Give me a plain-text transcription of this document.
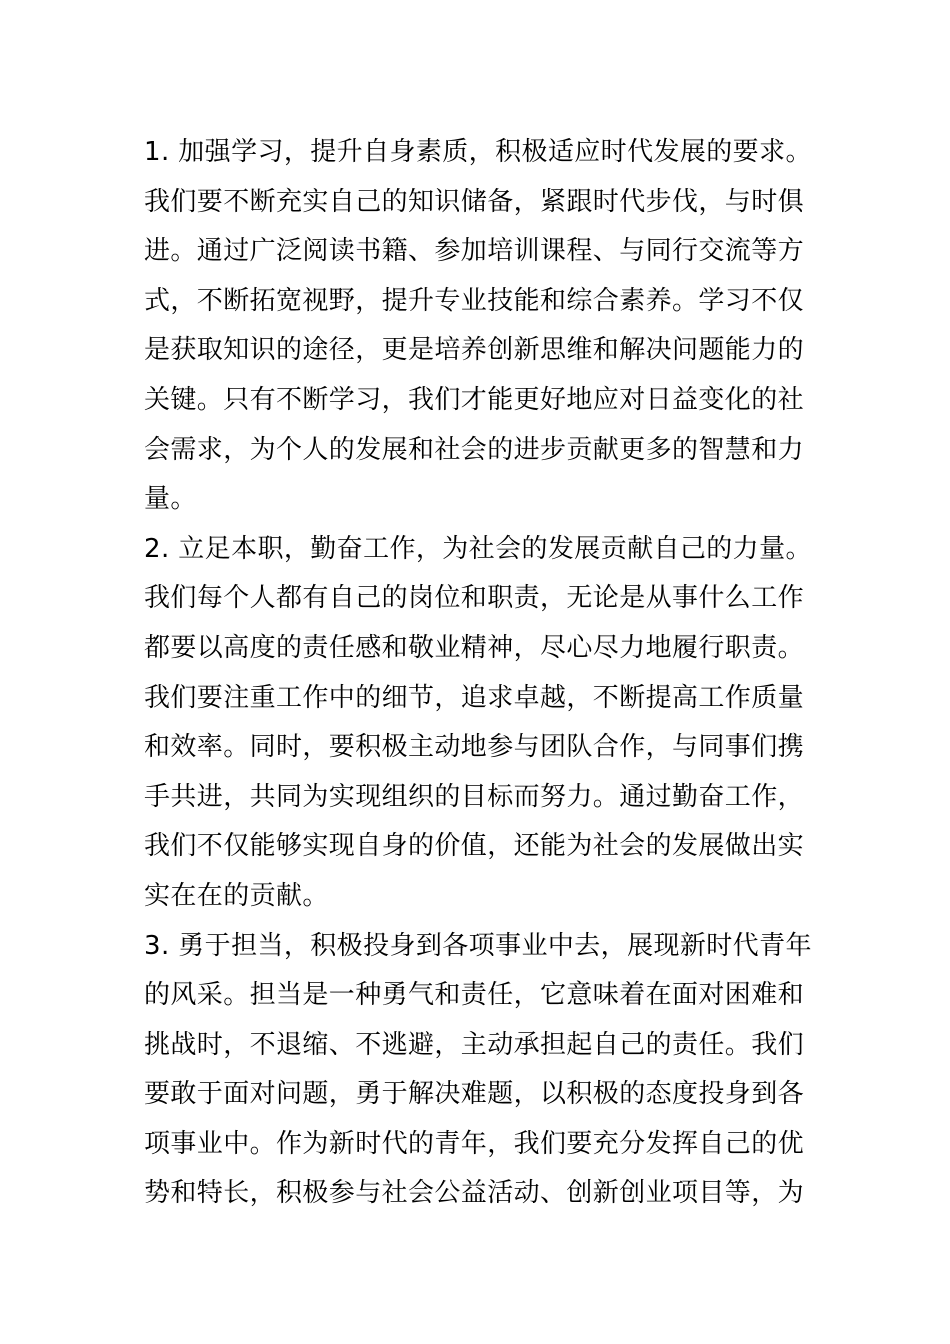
1. 加强学习，提升自身素质，积极适应时代发展的要求。
我们要不断充实自己的知识储备，紧跟时代步伐，与时俱
进。通过广泛阅读书籍、参加培训课程、与同行交流等方
式，不断拓宽视野，提升专业技能和综合素养。学习不仅
是获取知识的途径，更是培养创新思维和解决问题能力的
关键。只有不断学习，我们才能更好地应对日益变化的社
会需求，为个人的发展和社会的进步贡献更多的智慧和力
量。
2. 立足本职，勤奋工作，为社会的发展贡献自己的力量。
我们每个人都有自己的岗位和职责，无论是从事什么工作
都要以高度的责任感和敬业精神，尽心尽力地履行职责。
我们要注重工作中的细节，追求卓越，不断提高工作质量
和效率。同时，要积极主动地参与团队合作，与同事们携
手共进，共同为实现组织的目标而努力。通过勤奋工作，
我们不仅能够实现自身的价值，还能为社会的发展做出实
实在在的贡献。
3. 勇于担当，积极投身到各项事业中去，展现新时代青年
的风采。担当是一种勇气和责任，它意味着在面对困难和
挑战时，不退缩、不逃避，主动承担起自己的责任。我们
要敢于面对问题，勇于解决难题，以积极的态度投身到各
项事业中。作为新时代的青年，我们要充分发挥自己的优
势和特长，积极参与社会公益活动、创新创业项目等，为
